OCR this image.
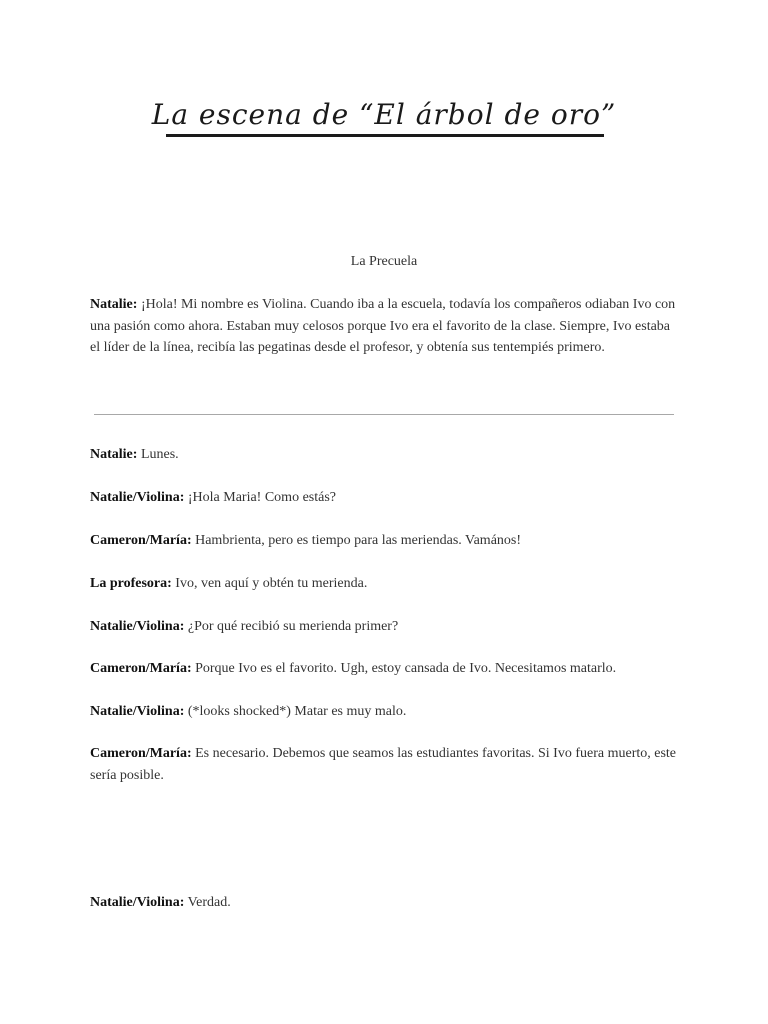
La escena de “El árbol de oro”
La Precuela
Natalie: ¡Hola! Mi nombre es Violina. Cuando iba a la escuela, todavía los compañeros odiaban Ivo con una pasión como ahora. Estaban muy celosos porque Ivo era el favorito de la clase. Siempre, Ivo estaba el líder de la línea, recibía las pegatinas desde el profesor, y obtenía sus tentempiés primero.
Natalie: Lunes.
Natalie/Violina: ¡Hola Maria! Como estás?
Cameron/María: Hambrienta, pero es tiempo para las meriendas. Vamános!
La profesora: Ivo, ven aquí y obtén tu merienda.
Natalie/Violina: ¿Por qué recibió su merienda primer?
Cameron/María: Porque Ivo es el favorito. Ugh, estoy cansada de Ivo. Necesitamos matarlo.
Natalie/Violina: (*looks shocked*) Matar es muy malo.
Cameron/María: Es necesario. Debemos que seamos las estudiantes favoritas. Si Ivo fuera muerto, este sería posible.
Natalie/Violina: Verdad.
